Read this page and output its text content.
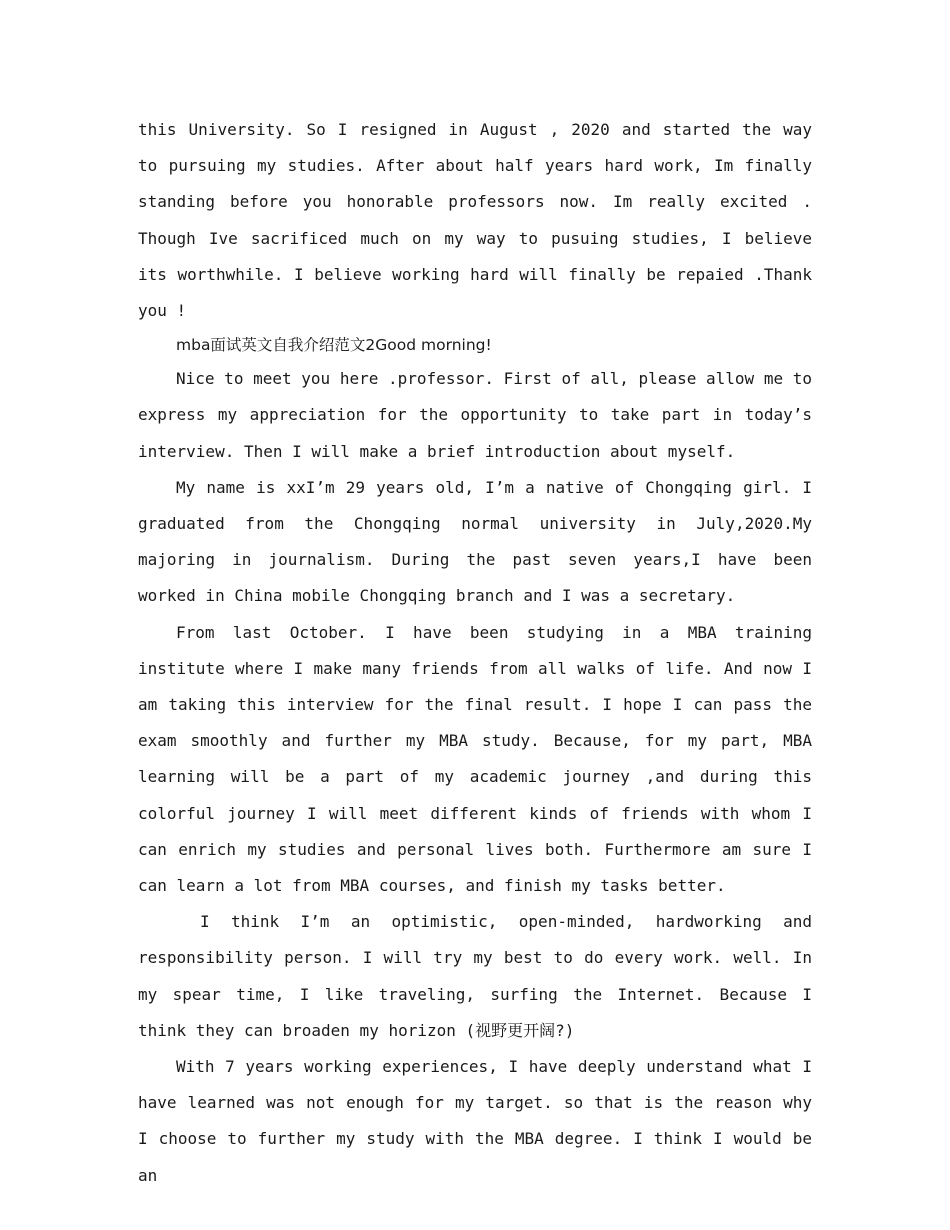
this University. So I resigned in August , 2020 and started the way to pursuing my studies. After about half years hard work, Im finally standing before you honorable professors now. Im really excited . Though Ive sacrificed much on my way to pusuing studies, I believe its worthwhile. I believe working hard will finally be repaied .Thank you !

mba面试英文自我介绍范文2Good morning!

Nice to meet you here .professor. First of all, please allow me to express my appreciation for the opportunity to take part in today’s interview. Then I will make a brief introduction about myself.

My name is xxI’m 29 years old, I’m a native of Chongqing girl. I graduated from the Chongqing normal university in July,2020.My majoring in journalism. During the past seven years,I have been worked in China mobile Chongqing branch and I was a secretary.

From last October. I have been studying in a MBA training institute where I make many friends from all walks of life. And now I am taking this interview for the final result. I hope I can pass the exam smoothly and further my MBA study. Because, for my part, MBA learning will be a part of my academic journey ,and during this colorful journey I will meet different kinds of friends with whom I can enrich my studies and personal lives both. Furthermore am sure I can learn a lot from MBA courses, and finish my tasks better.

I think I’m an optimistic, open-minded, hardworking and responsibility person. I will try my best to do every work. well. In my spear time, I like traveling, surfing the Internet. Because I think they can broaden my horizon (视野更开阔?)

With 7 years working experiences, I have deeply understand what I have learned was not enough for my target. so that is the reason why I choose to further my study with the MBA degree. I think I would be an
